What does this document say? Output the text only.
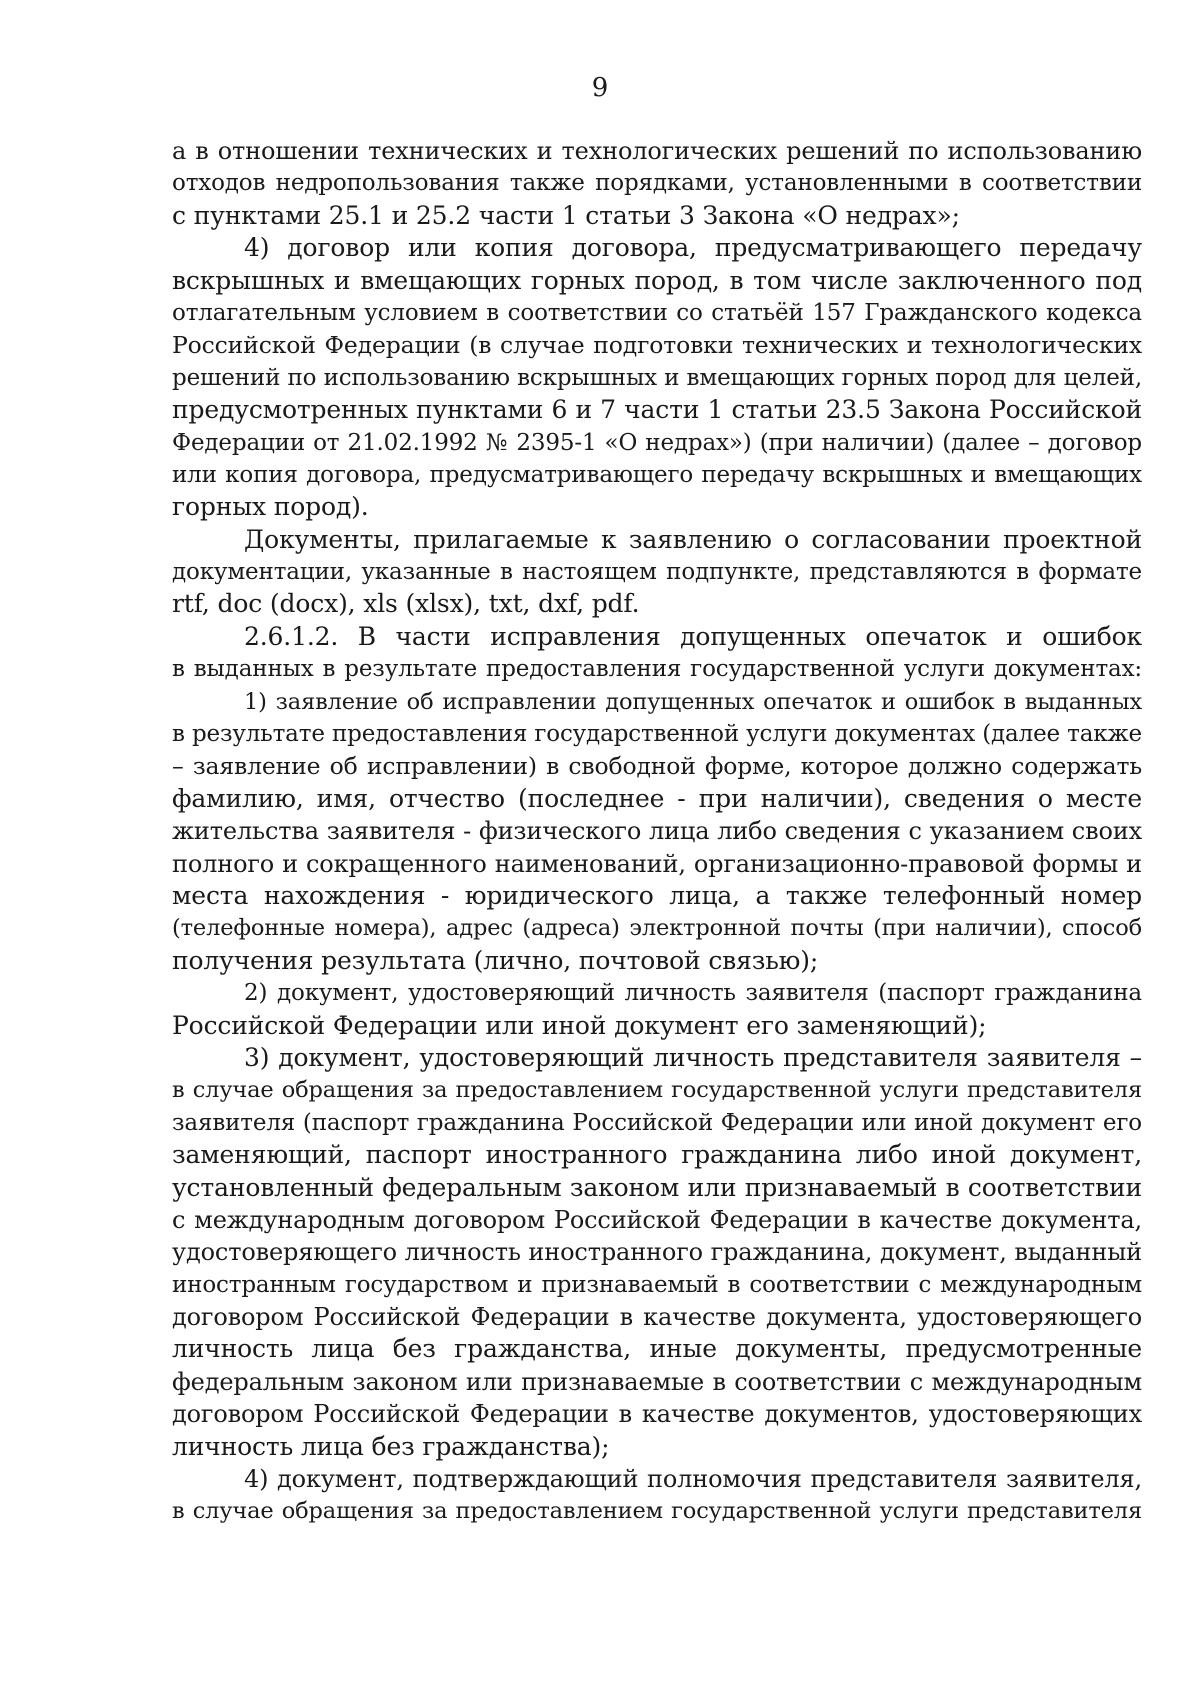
9
а в отношении технических и технологических решений по использованию
отходов недропользования также порядками, установленными в соответствии
с пунктами 25.1 и 25.2 части 1 статьи 3 Закона «О недрах»;
4) договор или копия договора, предусматривающего передачу
вскрышных и вмещающих горных пород, в том числе заключенного под
отлагательным условием в соответствии со статьёй 157 Гражданского кодекса
Российской Федерации (в случае подготовки технических и технологических
решений по использованию вскрышных и вмещающих горных пород для целей,
предусмотренных пунктами 6 и 7 части 1 статьи 23.5 Закона Российской
Федерации от 21.02.1992 № 2395-1 «О недрах») (при наличии) (далее – договор
или копия договора, предусматривающего передачу вскрышных и вмещающих
горных пород).
Документы, прилагаемые к заявлению о согласовании проектной
документации, указанные в настоящем подпункте, представляются в формате
rtf, doc (docx), xls (xlsx), txt, dxf, pdf.
2.6.1.2. В части исправления допущенных опечаток и ошибок
в выданных в результате предоставления государственной услуги документах:
1) заявление об исправлении допущенных опечаток и ошибок в выданных
в результате предоставления государственной услуги документах (далее также
– заявление об исправлении) в свободной форме, которое должно содержать
фамилию, имя, отчество (последнее - при наличии), сведения о месте
жительства заявителя - физического лица либо сведения с указанием своих
полного и сокращенного наименований, организационно-правовой формы и
места нахождения - юридического лица, а также телефонный номер
(телефонные номера), адрес (адреса) электронной почты (при наличии), способ
получения результата (лично, почтовой связью);
2) документ, удостоверяющий личность заявителя (паспорт гражданина
Российской Федерации или иной документ его заменяющий);
3) документ, удостоверяющий личность представителя заявителя –
в случае обращения за предоставлением государственной услуги представителя
заявителя (паспорт гражданина Российской Федерации или иной документ его
заменяющий, паспорт иностранного гражданина либо иной документ,
установленный федеральным законом или признаваемый в соответствии
с международным договором Российской Федерации в качестве документа,
удостоверяющего личность иностранного гражданина, документ, выданный
иностранным государством и признаваемый в соответствии с международным
договором Российской Федерации в качестве документа, удостоверяющего
личность лица без гражданства, иные документы, предусмотренные
федеральным законом или признаваемые в соответствии с международным
договором Российской Федерации в качестве документов, удостоверяющих
личность лица без гражданства);
4) документ, подтверждающий полномочия представителя заявителя,
в случае обращения за предоставлением государственной услуги представителя
